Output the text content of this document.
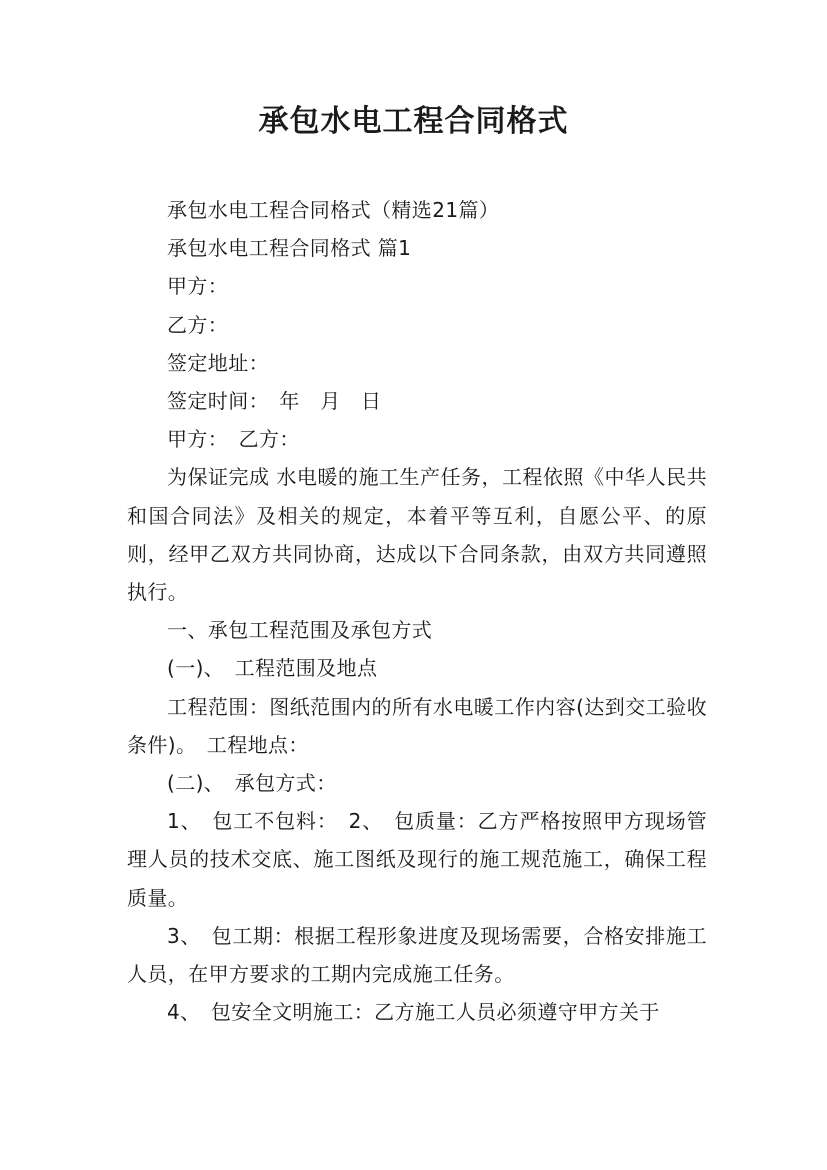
承包水电工程合同格式

承包水电工程合同格式（精选21篇）

承包水电工程合同格式 篇1

甲方：

乙方：

签定地址：

签定时间：　年　月　日

甲方：　乙方：

为保证完成 水电暖的施工生产任务，工程依照《中华人民共和国合同法》及相关的规定，本着平等互利，自愿公平、的原则，经甲乙双方共同协商，达成以下合同条款，由双方共同遵照执行。

一、承包工程范围及承包方式

(一)、　工程范围及地点

工程范围：图纸范围内的所有水电暖工作内容(达到交工验收条件)。　工程地点：

(二)、　承包方式：

1、　包工不包料：　2、　包质量：乙方严格按照甲方现场管理人员的技术交底、施工图纸及现行的施工规范施工，确保工程质量。

3、　包工期：根据工程形象进度及现场需要，合格安排施工人员，在甲方要求的工期内完成施工任务。

4、　包安全文明施工：乙方施工人员必须遵守甲方关于
